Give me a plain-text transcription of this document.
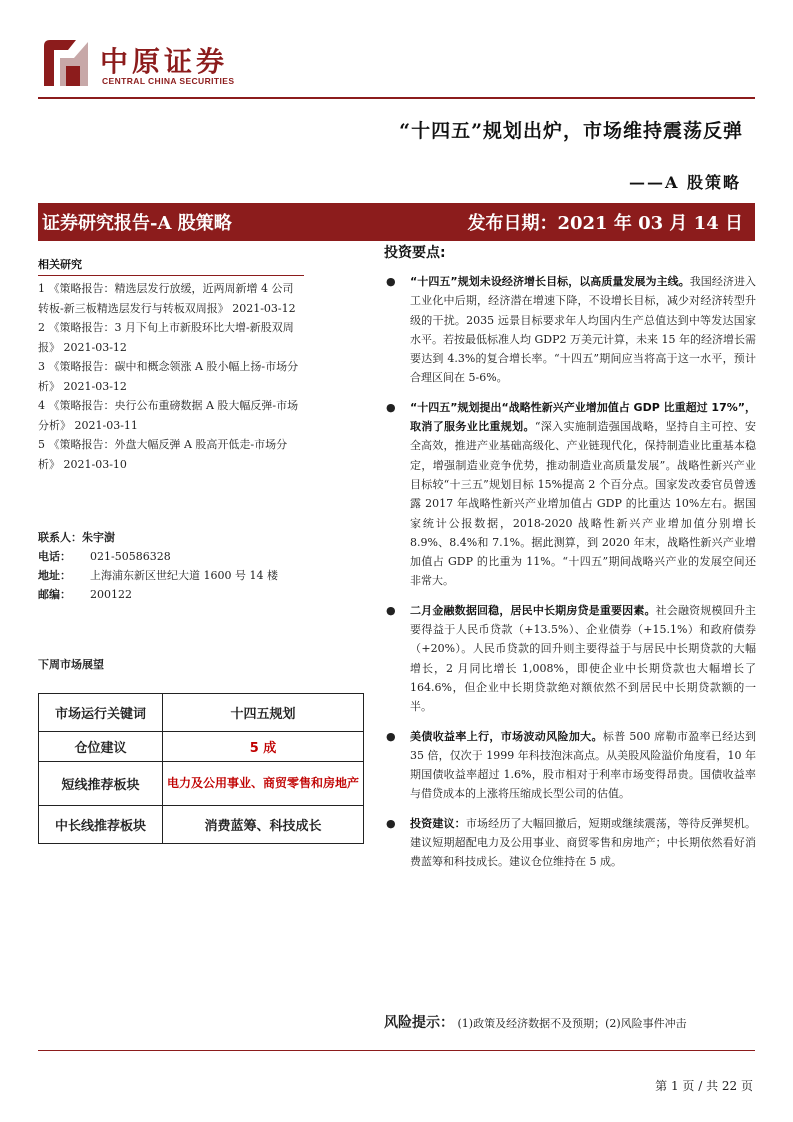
中原证券
CENTRAL CHINA SECURITIES
“十四五”规划出炉，市场维持震荡反弹
——A 股策略
证券研究报告-A 股策略	发布日期：2021 年 03 月 14 日
相关研究
1 《策略报告：精选层发行放缓，近两周新增 4 公司转板-新三板精选层发行与转板双周报》 2021-03-12
2 《策略报告：3 月下旬上市新股环比大增-新股双周报》 2021-03-12
3 《策略报告：碳中和概念领涨 A 股小幅上扬-市场分析》 2021-03-12
4 《策略报告：央行公布重磅数据 A 股大幅反弹-市场分析》 2021-03-11
5 《策略报告：外盘大幅反弹 A 股高开低走-市场分析》 2021-03-10
联系人： 朱宇澍
电话：	021-50586328
地址：	上海浦东新区世纪大道 1600 号 14 楼
邮编：	200122
下周市场展望
市场运行关键词	十四五规划
仓位建议	5 成
短线推荐板块	电力及公用事业、商贸零售和房地产
中长线推荐板块	消费蓝筹、科技成长
投资要点:
● “十四五”规划未设经济增长目标，以高质量发展为主线。我国经济进入工业化中后期，经济潜在增速下降，不设增长目标，减少对经济转型升级的干扰。2035 远景目标要求年人均国内生产总值达到中等发达国家水平。若按最低标准人均 GDP2 万美元计算，未来 15 年的经济增长需要达到 4.3%的复合增长率。“十四五”期间应当将高于这一水平，预计合理区间在 5-6%。
● “十四五”规划提出“战略性新兴产业增加值占 GDP 比重超过 17%”，取消了服务业比重规划。“深入实施制造强国战略，坚持自主可控、安全高效，推进产业基础高级化、产业链现代化，保持制造业比重基本稳定，增强制造业竞争优势，推动制造业高质量发展”。战略性新兴产业目标较“十三五”规划目标 15%提高 2 个百分点。国家发改委官员曾透露 2017 年战略性新兴产业增加值占 GDP 的比重达 10%左右。据国家统计公报数据，2018-2020 战略性新兴产业增加值分别增长 8.9%、8.4%和 7.1%。据此测算，到 2020 年末，战略性新兴产业增加值占 GDP 的比重为 11%。“十四五”期间战略兴产业的发展空间还非常大。
● 二月金融数据回稳，居民中长期房贷是重要因素。社会融资规模回升主要得益于人民币贷款（+13.5%）、企业债券（+15.1%）和政府债券（+20%）。人民币贷款的回升则主要得益于与居民中长期贷款的大幅增长，2 月同比增长 1,008%，即使企业中长期贷款也大幅增长了 164.6%，但企业中长期贷款绝对额依然不到居民中长期贷款额的一半。
● 美债收益率上行，市场波动风险加大。标普 500 席勒市盈率已经达到 35 倍，仅次于 1999 年科技泡沫高点。从美股风险溢价角度看，10 年期国债收益率超过 1.6%，股市相对于利率市场变得昂贵。国债收益率与借贷成本的上涨将压缩成长型公司的估值。
● 投资建议：市场经历了大幅回撤后，短期或继续震荡，等待反弹契机。建议短期超配电力及公用事业、商贸零售和房地产；中长期依然看好消费蓝筹和科技成长。建议仓位维持在 5 成。
风险提示： (1)政策及经济数据不及预期；(2)风险事件冲击
第 1 页 / 共 22 页
